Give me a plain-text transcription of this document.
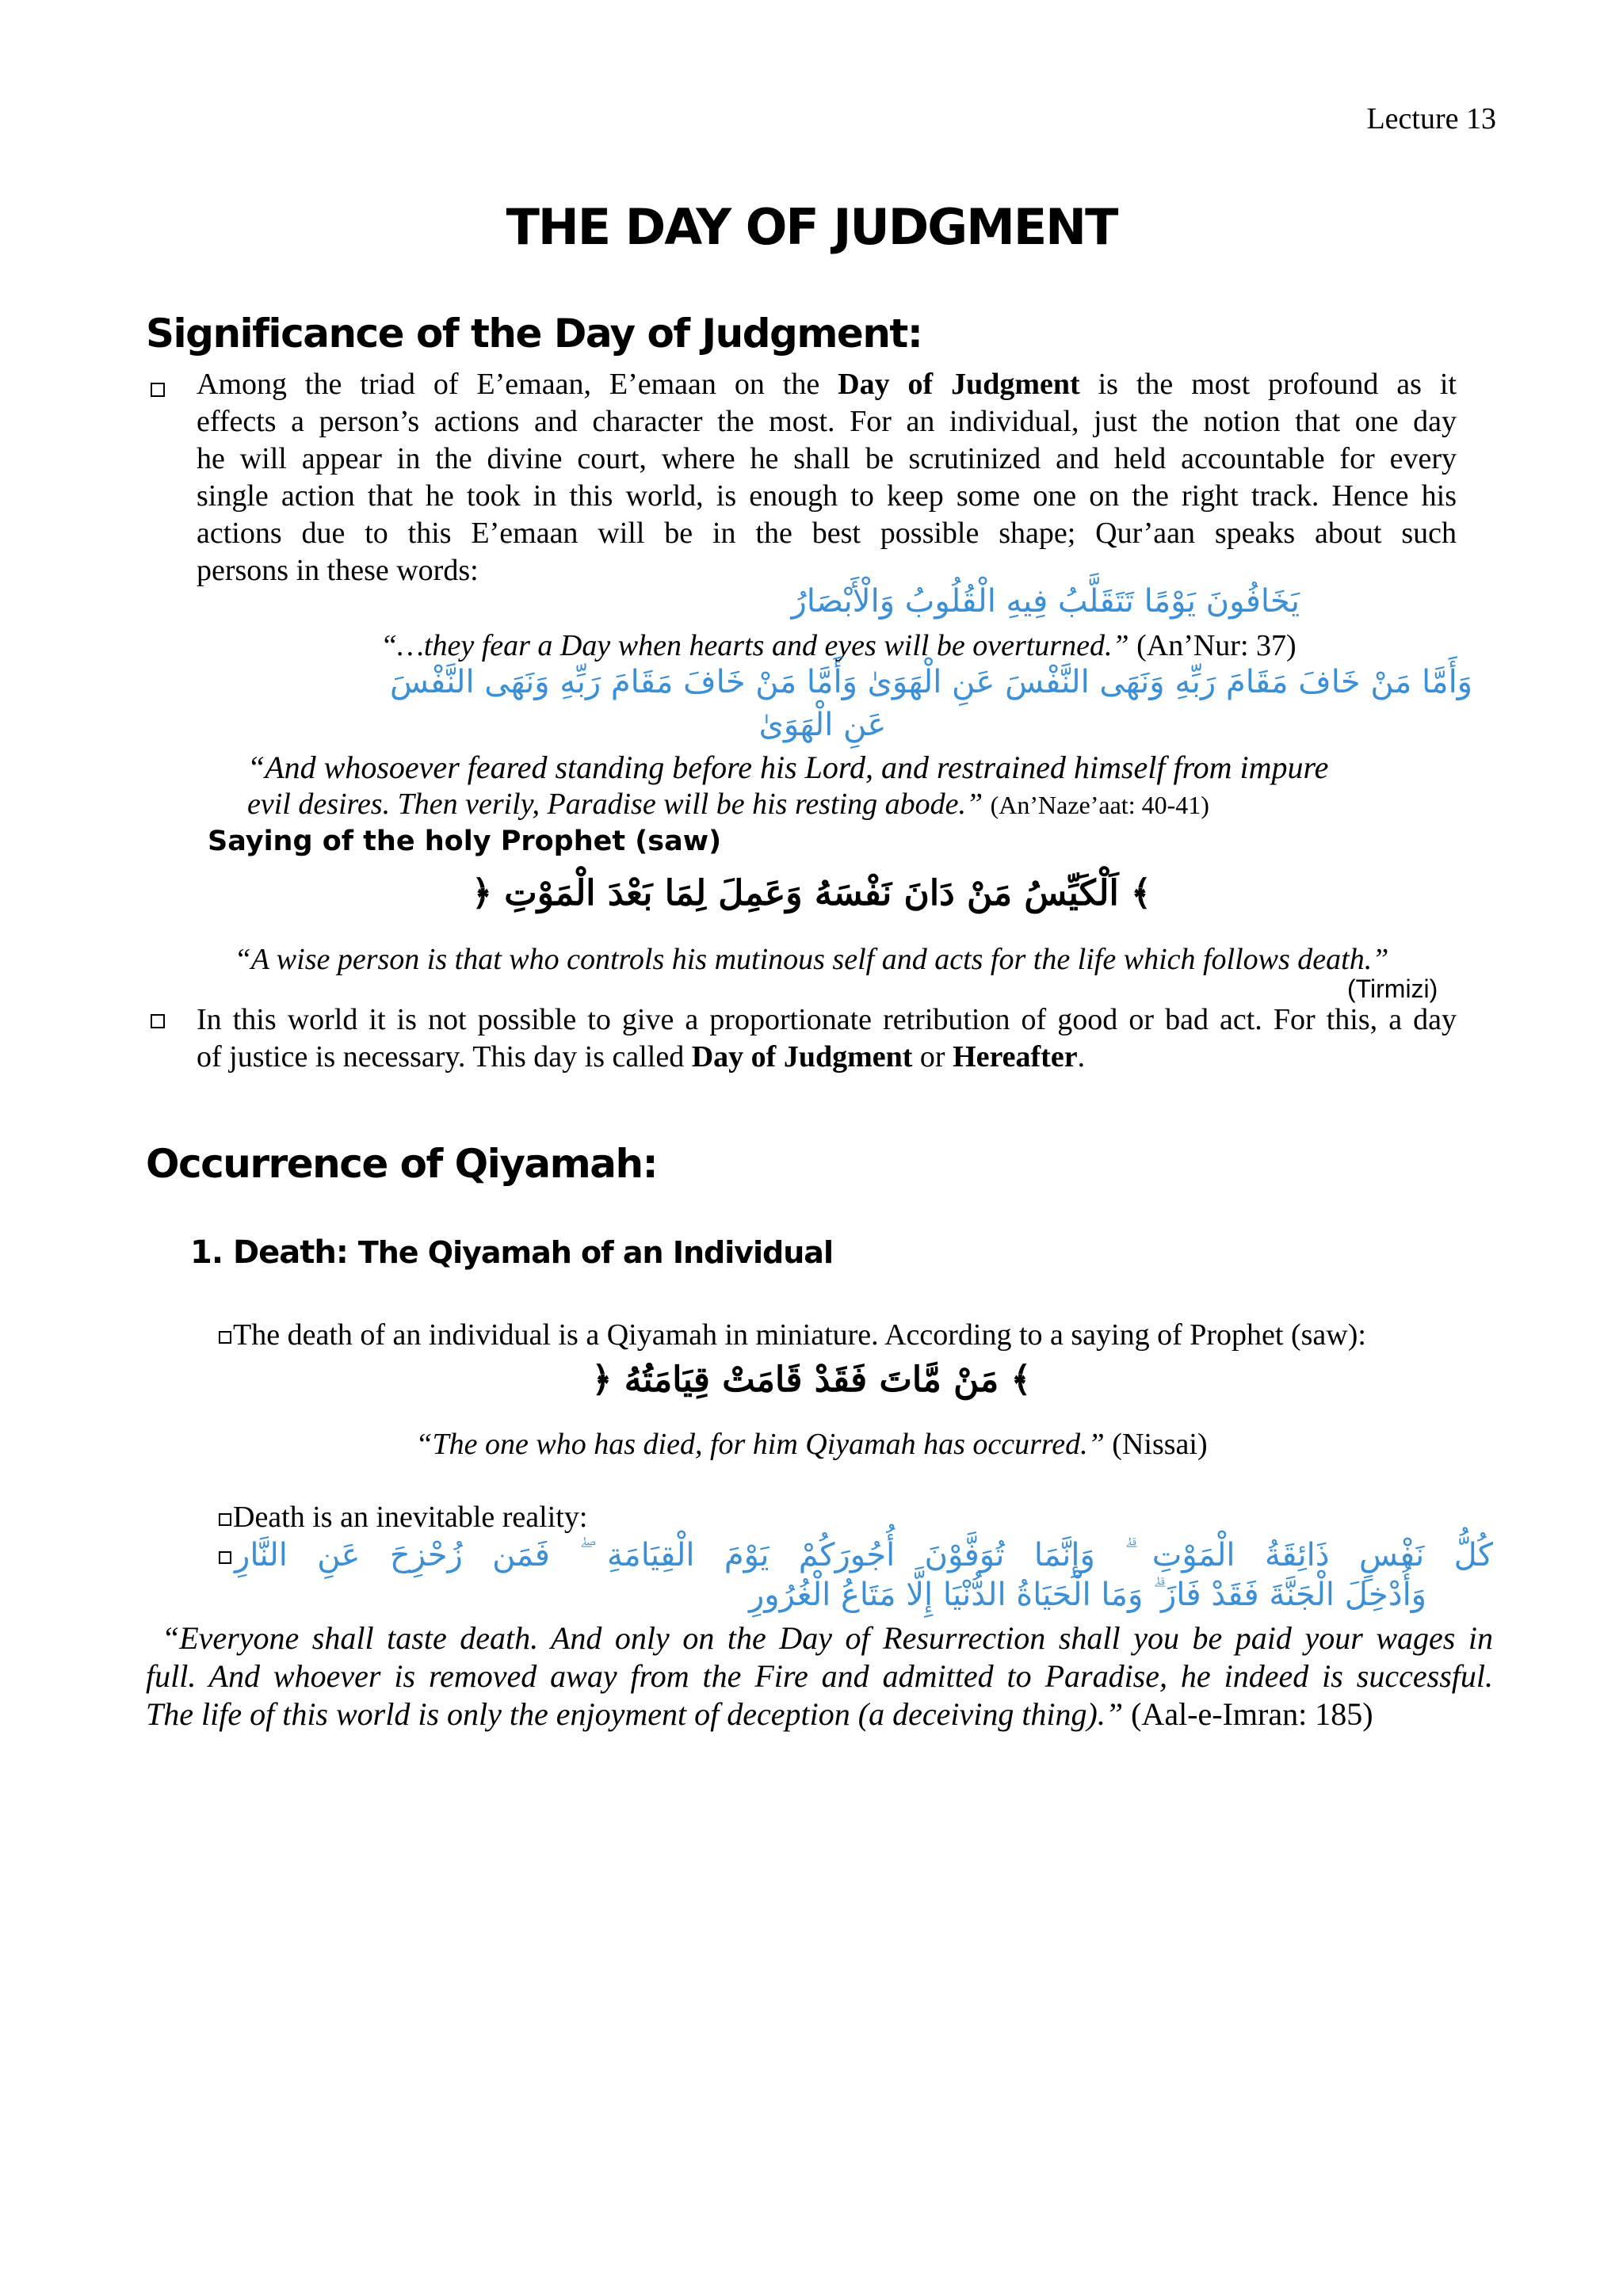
Lecture 13
THE DAY OF JUDGMENT
Significance of the Day of Judgment:
Among the triad of E’emaan, E’emaan on the Day of Judgment is the most profound as it
effects a person’s actions and character the most. For an individual, just the notion that one day
he will appear in the divine court, where he shall be scrutinized and held accountable for every
single action that he took in this world, is enough to keep some one on the right track. Hence his
actions due to this E’emaan will be in the best possible shape; Qur’aan speaks about such
persons in these words:
يَخَافُونَ يَوْمًا تَتَقَلَّبُ فِيهِ الْقُلُوبُ وَالْأَبْصَارُ
“…they fear a Day when hearts and eyes will be overturned.” (An’Nur: 37)
وَأَمَّا مَنْ خَافَ مَقَامَ رَبِّهِ وَنَهَى النَّفْسَ عَنِ الْهَوَىٰ وَأَمَّا مَنْ خَافَ مَقَامَ رَبِّهِ وَنَهَى النَّفْسَ
عَنِ الْهَوَىٰ
“And whosoever feared standing before his Lord, and restrained himself from impure
evil desires. Then verily, Paradise will be his resting abode.” (An’Naze’aat: 40-41)
Saying of the holy Prophet (saw)
﴾ اَلْكَيِّسُ مَنْ دَانَ نَفْسَهُ وَعَمِلَ لِمَا بَعْدَ الْمَوْتِ ﴿
“A wise person is that who controls his mutinous self and acts for the life which follows death.”
(Tirmizi)
In this world it is not possible to give a proportionate retribution of good or bad act. For this, a day
of justice is necessary. This day is called Day of Judgment or Hereafter.
Occurrence of Qiyamah:
1. Death: The Qiyamah of an Individual
The death of an individual is a Qiyamah in miniature. According to a saying of Prophet (saw):
﴾ مَنْ مَّاتَ فَقَدْ قَامَتْ قِيَامَتُهُ ﴿
“The one who has died, for him Qiyamah has occurred.” (Nissai)
Death is an inevitable reality:
كُلُّ نَفْسٍ ذَائِقَةُ الْمَوْتِ ۗ وَإِنَّمَا تُوَفَّوْنَ أُجُورَكُمْ يَوْمَ الْقِيَامَةِ ۖ فَمَن زُحْزِحَ عَنِ النَّارِ
وَأُدْخِلَ الْجَنَّةَ فَقَدْ فَازَ ۗ وَمَا الْحَيَاةُ الدُّنْيَا إِلَّا مَتَاعُ الْغُرُورِ
“Everyone shall taste death. And only on the Day of Resurrection shall you be paid your wages in
full. And whoever is removed away from the Fire and admitted to Paradise, he indeed is successful.
The life of this world is only the enjoyment of deception (a deceiving thing).” (Aal-e-Imran: 185)
